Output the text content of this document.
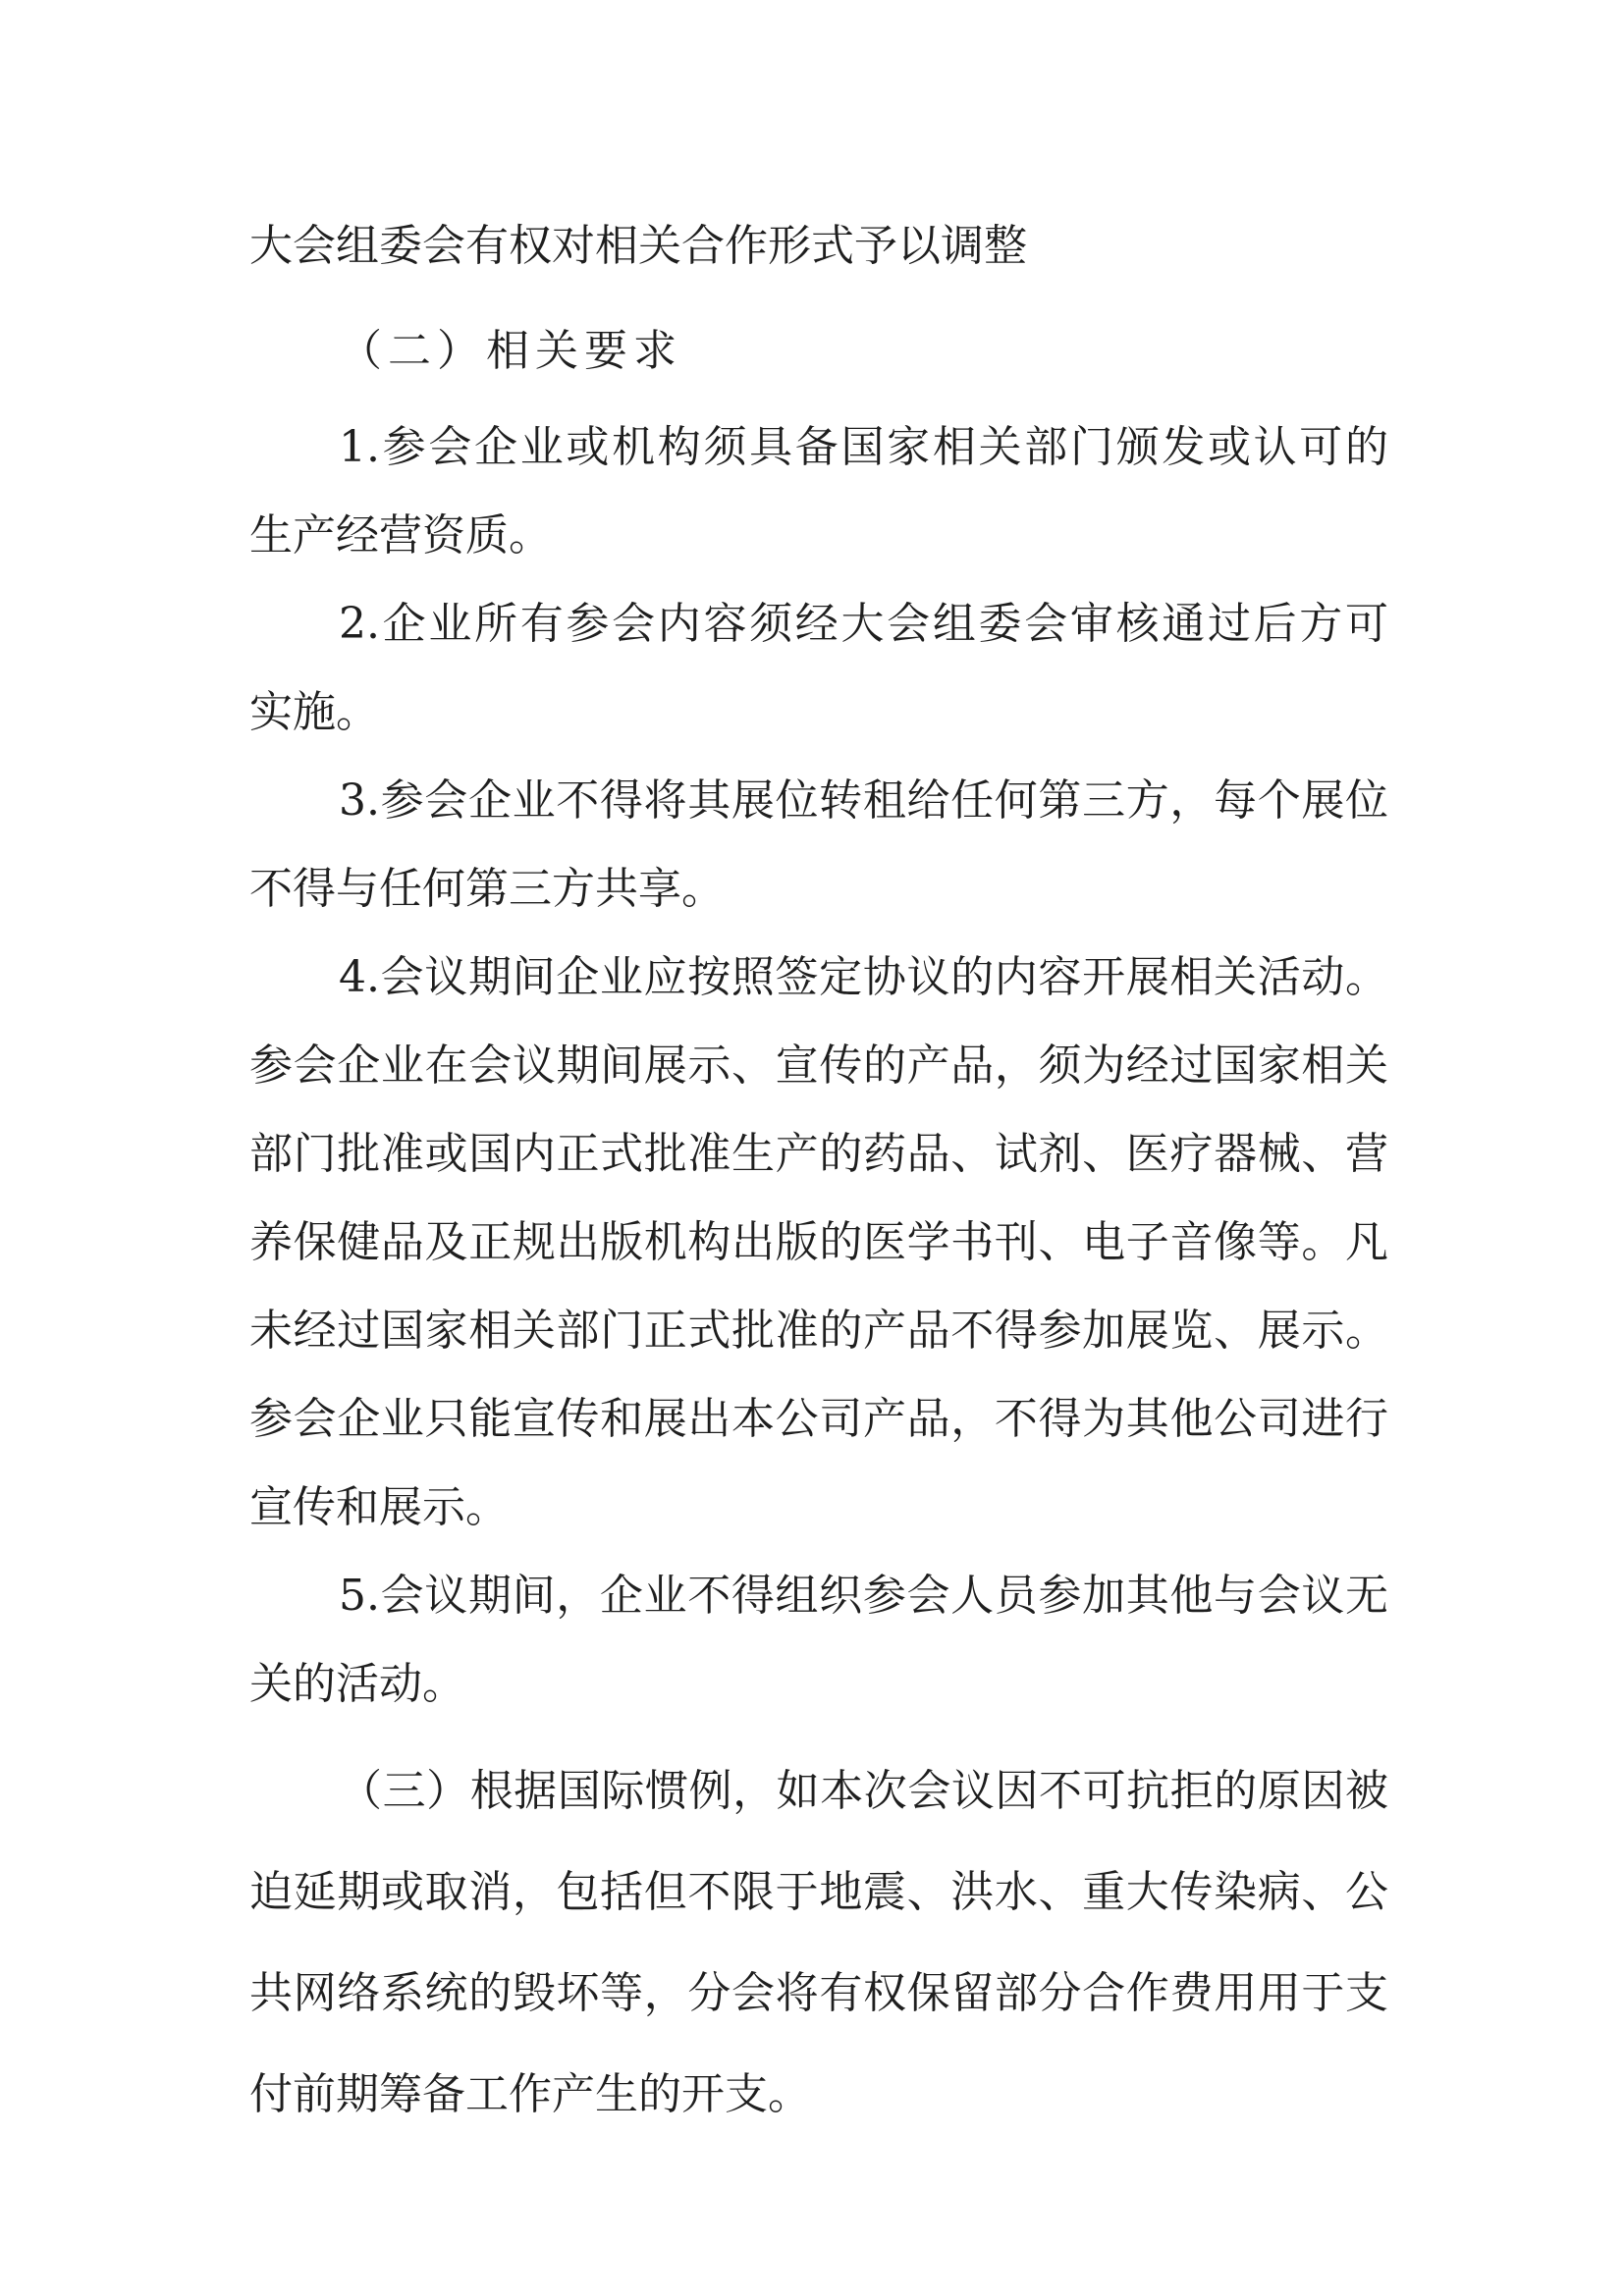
大会组委会有权对相关合作形式予以调整
（二）相关要求
1.参会企业或机构须具备国家相关部门颁发或认可的
生产经营资质。
2.企业所有参会内容须经大会组委会审核通过后方可
实施。
3.参会企业不得将其展位转租给任何第三方，每个展位
不得与任何第三方共享。
4.会议期间企业应按照签定协议的内容开展相关活动。
参会企业在会议期间展示、宣传的产品，须为经过国家相关
部门批准或国内正式批准生产的药品、试剂、医疗器械、营
养保健品及正规出版机构出版的医学书刊、电子音像等。凡
未经过国家相关部门正式批准的产品不得参加展览、展示。
参会企业只能宣传和展出本公司产品，不得为其他公司进行
宣传和展示。
5.会议期间，企业不得组织参会人员参加其他与会议无
关的活动。
（三）根据国际惯例，如本次会议因不可抗拒的原因被
迫延期或取消，包括但不限于地震、洪水、重大传染病、公
共网络系统的毁坏等，分会将有权保留部分合作费用用于支
付前期筹备工作产生的开支。
